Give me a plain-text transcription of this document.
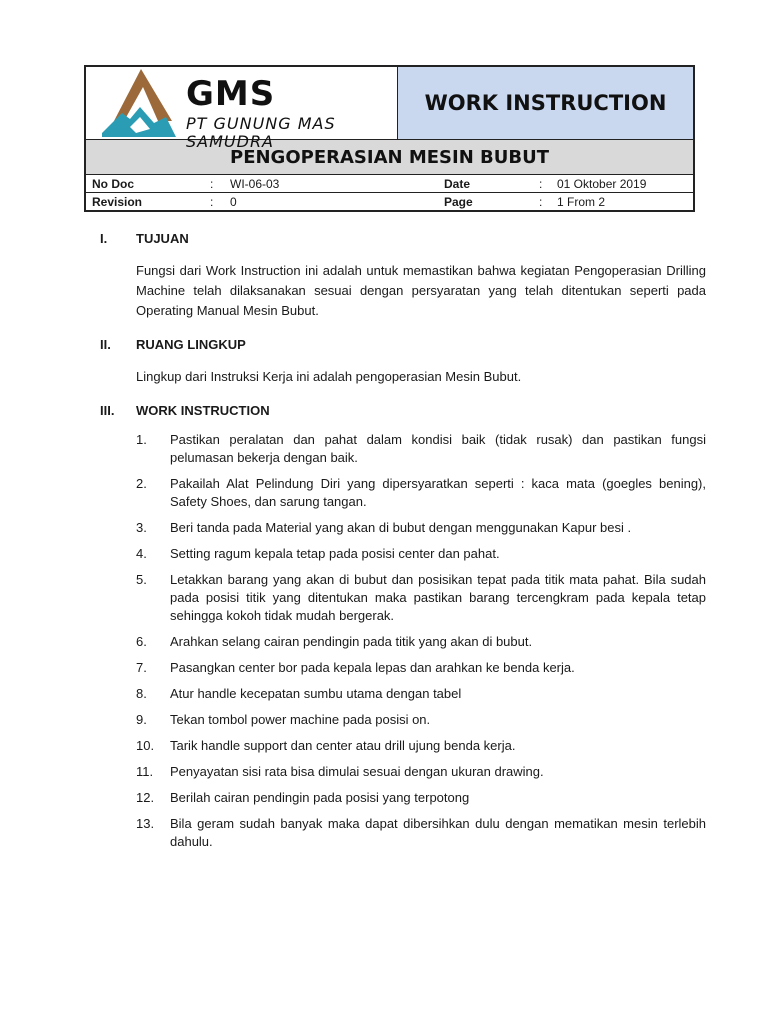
GMS
PT GUNUNG MAS SAMUDRA
WORK INSTRUCTION
PENGOPERASIAN MESIN BUBUT
No Doc	:	WI-06-03	Date	:	01 Oktober 2019
Revision	:	0	Page	:	1 From 2
I.	TUJUAN
Fungsi dari Work Instruction ini adalah untuk memastikan bahwa kegiatan Pengoperasian Drilling Machine telah dilaksanakan sesuai dengan persyaratan yang telah ditentukan seperti pada Operating Manual Mesin Bubut.
II.	RUANG LINGKUP
Lingkup dari Instruksi Kerja ini adalah pengoperasian Mesin Bubut.
III.	WORK INSTRUCTION
1.	Pastikan peralatan dan pahat dalam kondisi baik (tidak rusak) dan pastikan fungsi pelumasan bekerja dengan baik.
2.	Pakailah Alat Pelindung Diri yang dipersyaratkan seperti : kaca mata (goegles bening), Safety Shoes, dan sarung tangan.
3.	Beri tanda pada Material yang akan di bubut dengan menggunakan Kapur besi .
4.	Setting ragum kepala tetap pada posisi center dan pahat.
5.	Letakkan barang yang akan di bubut dan posisikan tepat pada titik mata pahat. Bila sudah pada posisi titik yang ditentukan maka pastikan barang tercengkram pada kepala tetap sehingga kokoh tidak mudah bergerak.
6.	Arahkan selang cairan pendingin pada titik yang akan di bubut.
7.	Pasangkan center bor pada kepala lepas dan arahkan ke benda kerja.
8.	Atur handle kecepatan sumbu utama dengan tabel
9.	Tekan tombol power machine pada posisi on.
10.	Tarik handle support dan center atau drill ujung benda kerja.
11.	Penyayatan sisi rata bisa dimulai sesuai dengan ukuran drawing.
12.	Berilah cairan pendingin pada posisi yang terpotong
13.	Bila geram sudah banyak maka dapat dibersihkan dulu dengan mematikan mesin terlebih dahulu.
